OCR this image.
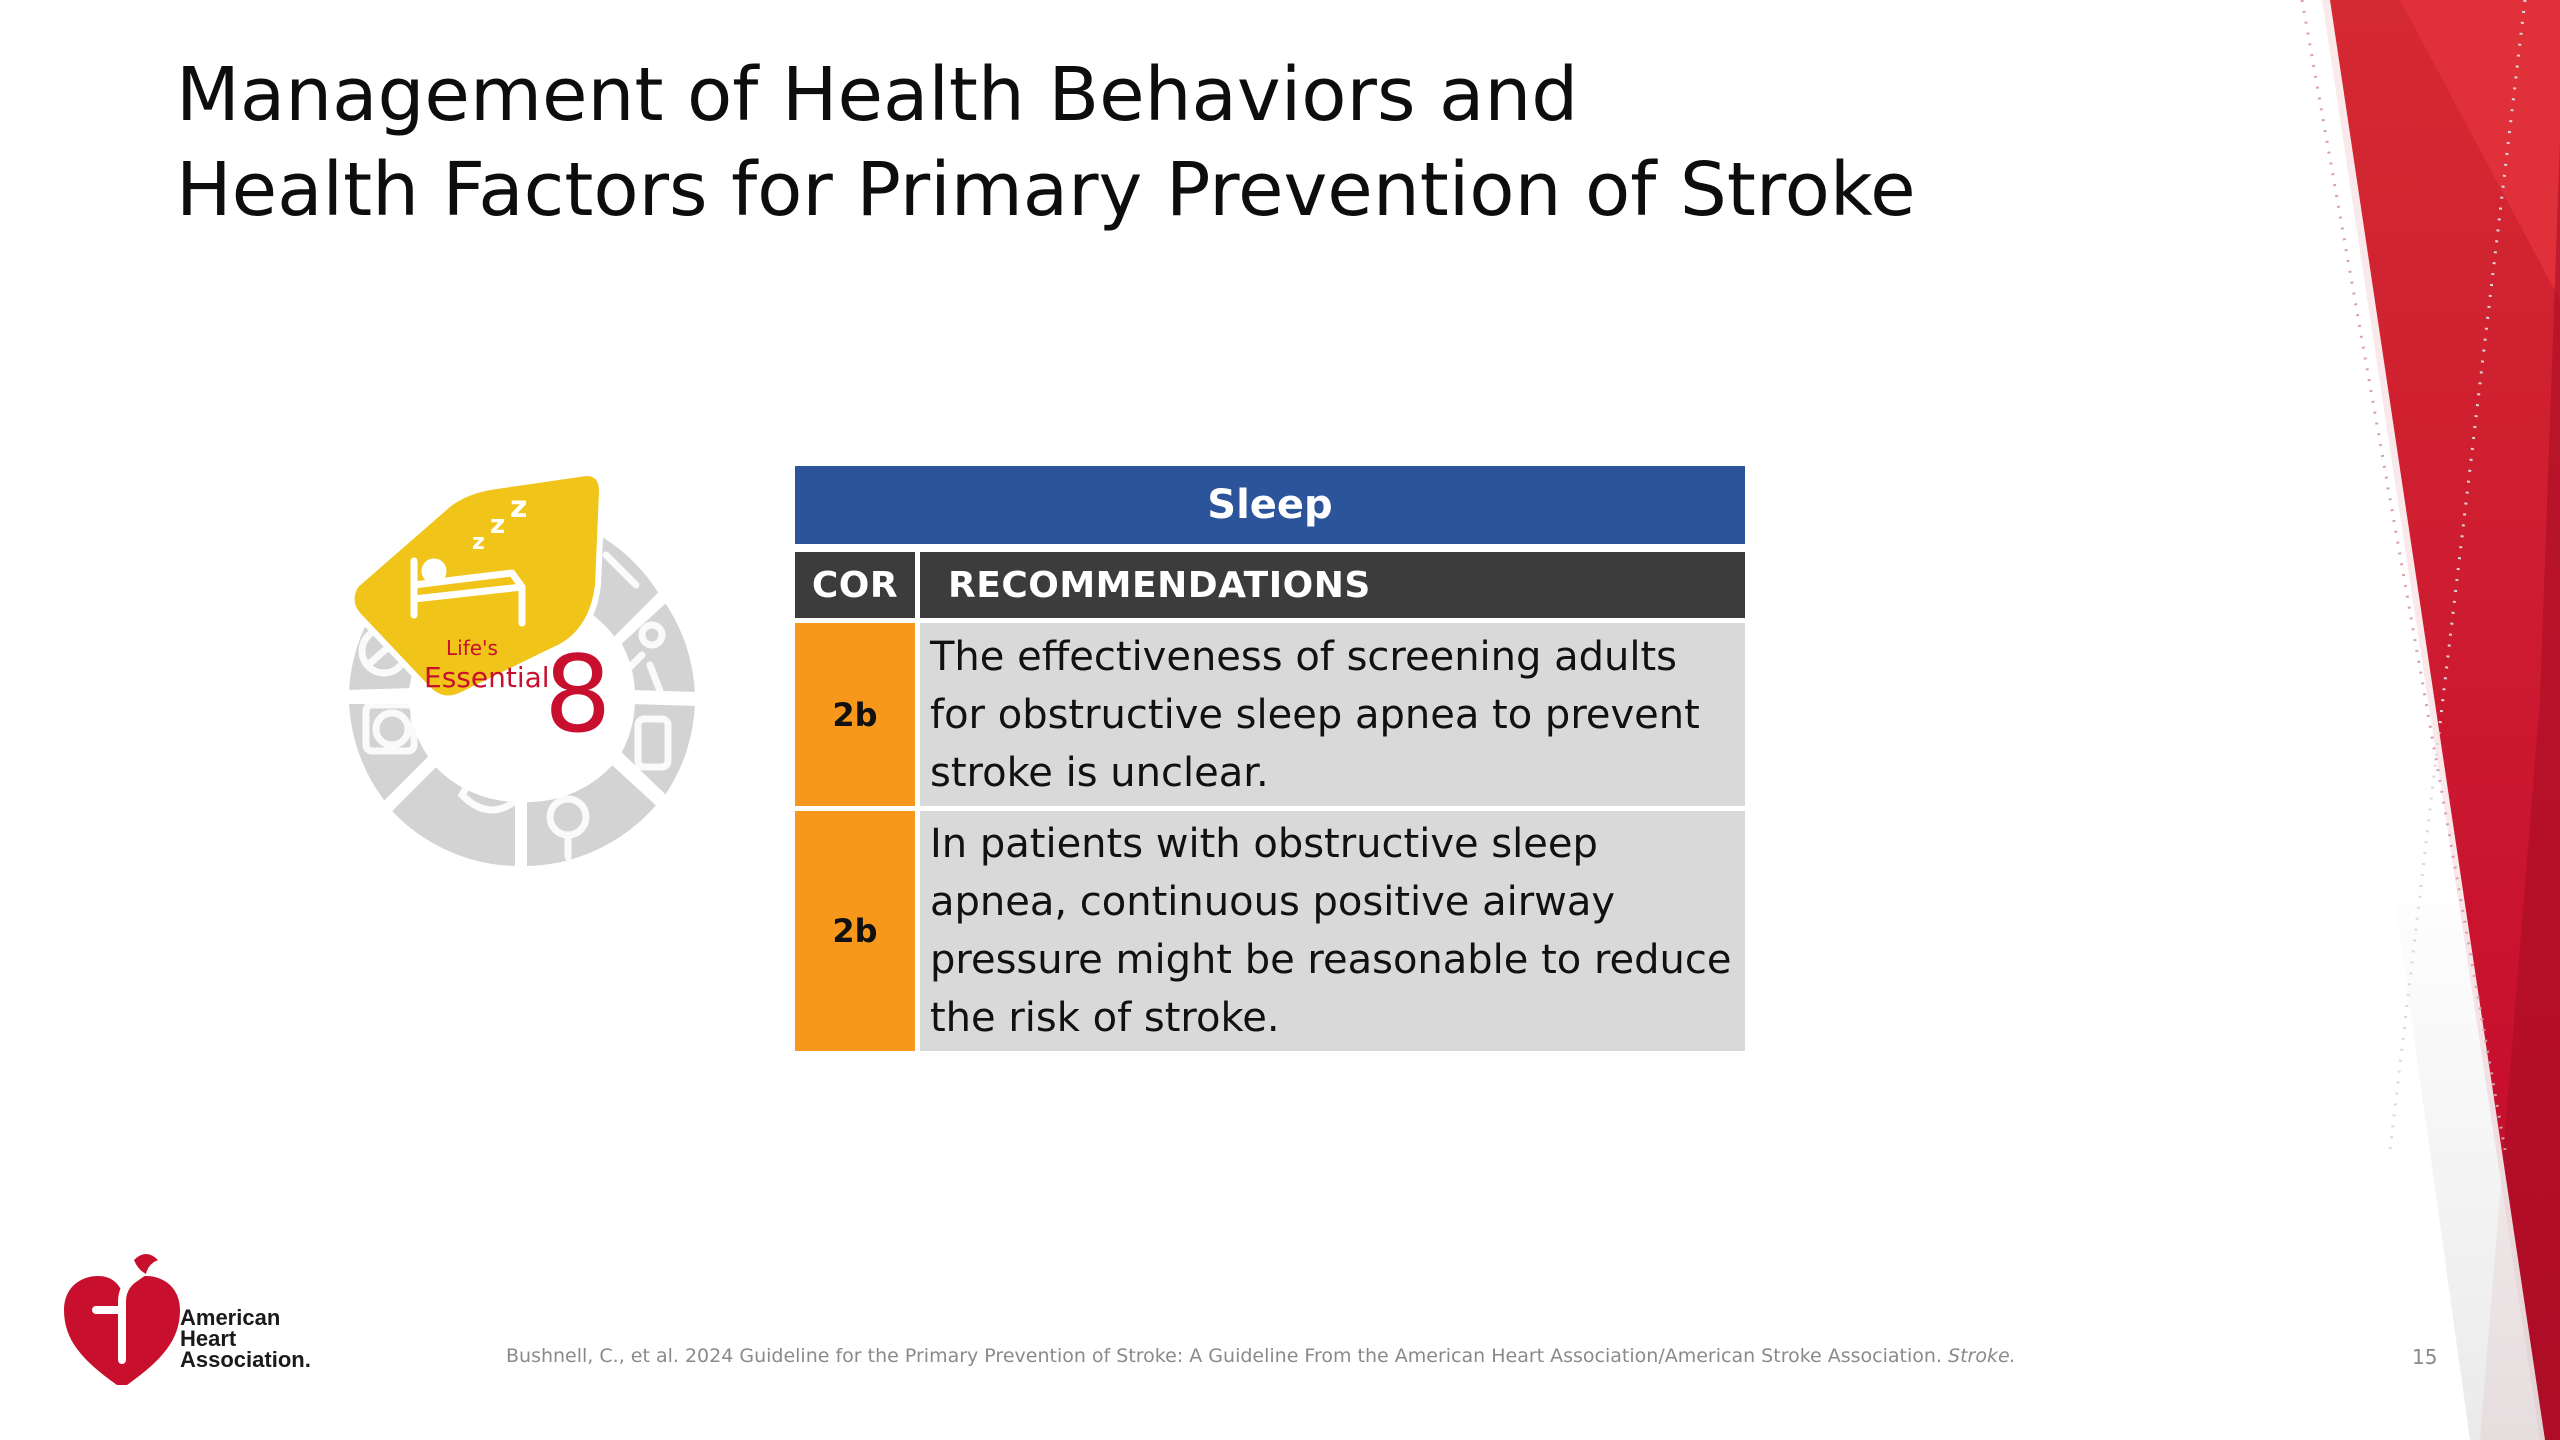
Management of Health Behaviors and
Health Factors for Primary Prevention of Stroke
z
z z
Life's
Essential
8
Sleep	
COR	RECOMMENDATIONS
2b	The effectiveness of screening adults for obstructive sleep apnea to prevent stroke is unclear.
2b	In patients with obstructive sleep apnea, continuous positive airway pressure might be reasonable to reduce the risk of stroke.
American
Heart
Association.	Bushnell, C., et al. 2024 Guideline for the Primary Prevention of Stroke: A Guideline From the American Heart Association/American Stroke Association. Stroke.	15
